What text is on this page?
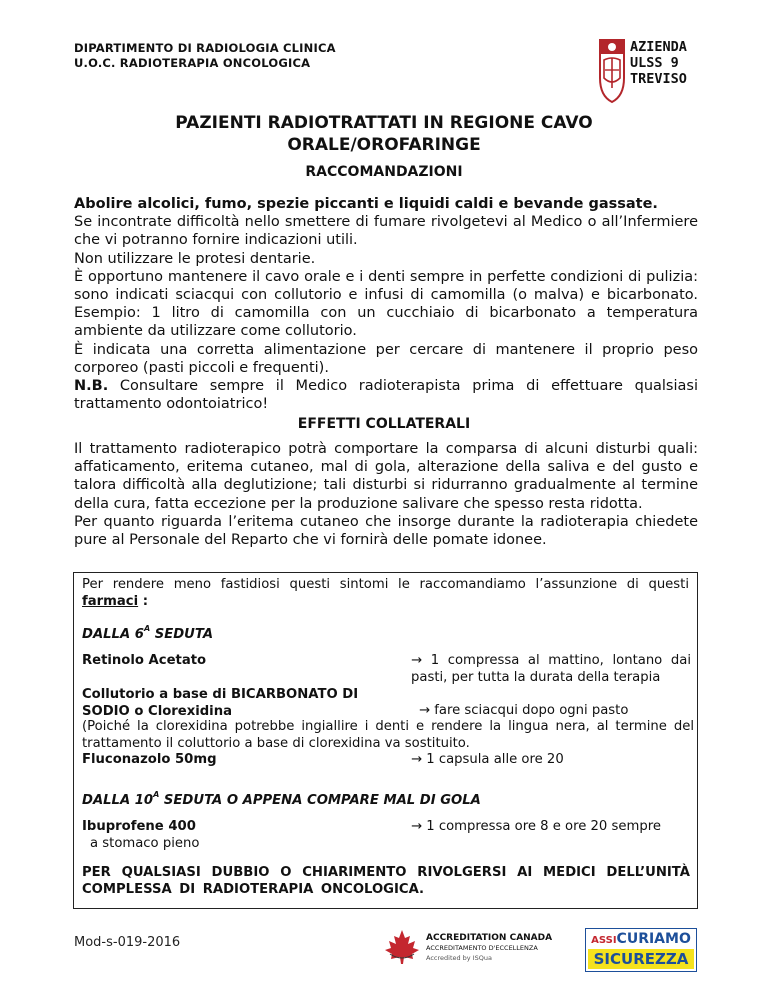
DIPARTIMENTO DI RADIOLOGIA CLINICA
U.O.C. RADIOTERAPIA ONCOLOGICA
AZIENDA
ULSS 9
TREVISO
PAZIENTI RADIOTRATTATI IN REGIONE CAVO
ORALE/OROFARINGE
RACCOMANDAZIONI

Abolire alcolici, fumo, spezie piccanti e liquidi caldi e bevande gassate.

Se incontrate difficoltà nello smettere di fumare rivolgetevi al Medico o all’Infermiere che vi potranno fornire indicazioni utili.

Non utilizzare le protesi dentarie.

È opportuno mantenere il cavo orale e i denti sempre in perfette condizioni di pulizia: sono indicati sciacqui con collutorio e infusi di camomilla (o malva) e bicarbonato. Esempio: 1 litro di camomilla con un cucchiaio di bicarbonato a temperatura ambiente da utilizzare come collutorio.

È indicata una corretta alimentazione per cercare di mantenere il proprio peso corporeo (pasti piccoli e frequenti).

N.B. Consultare sempre il Medico radioterapista prima di effettuare qualsiasi trattamento odontoiatrico!

EFFETTI COLLATERALI

Il trattamento radioterapico potrà comportare la comparsa di alcuni disturbi quali: affaticamento, eritema cutaneo, mal di gola, alterazione della saliva e del gusto e talora difficoltà alla deglutizione; tali disturbi si ridurranno gradualmente al termine della cura, fatta eccezione per la produzione salivare che spesso resta ridotta.

Per quanto riguarda l’eritema cutaneo che insorge durante la radioterapia chiedete pure al Personale del Reparto che vi fornirà delle pomate idonee.

Per rendere meno fastidiosi questi sintomi le raccomandiamo l’assunzione di questi farmaci :
DALLA $6^A$ SEDUTA
Retinolo Acetato	→ 1 compressa al mattino, lontano dai
pasti, per tutta la durata della terapia
Collutorio a base di BICARBONATO DI
SODIO o Clorexidina	→ fare sciacqui dopo ogni pasto
(Poiché la clorexidina potrebbe ingiallire i denti e rendere la lingua nera, al termine del trattamento il coluttorio a base di clorexidina va sostituito.
Fluconazolo 50mg	→ 1 capsula alle ore 20
DALLA $10^A$ SEDUTA O APPENA COMPARE MAL DI GOLA
Ibuprofene 400
a stomaco pieno
→ 1 compressa ore 8 e ore 20 sempre
PER QUALSIASI DUBBIO O CHIARIMENTO RIVOLGERSI AI MEDICI DELL’UNITÀ COMPLESSA DI RADIOTERAPIA ONCOLOGICA.
Mod-s-019-2016	ACCREDITATION CANADA
ACCREDITAMENTO D'ECCELLENZA
Accredited by ISQua
ASSICURIAMO
SICUREZZA
